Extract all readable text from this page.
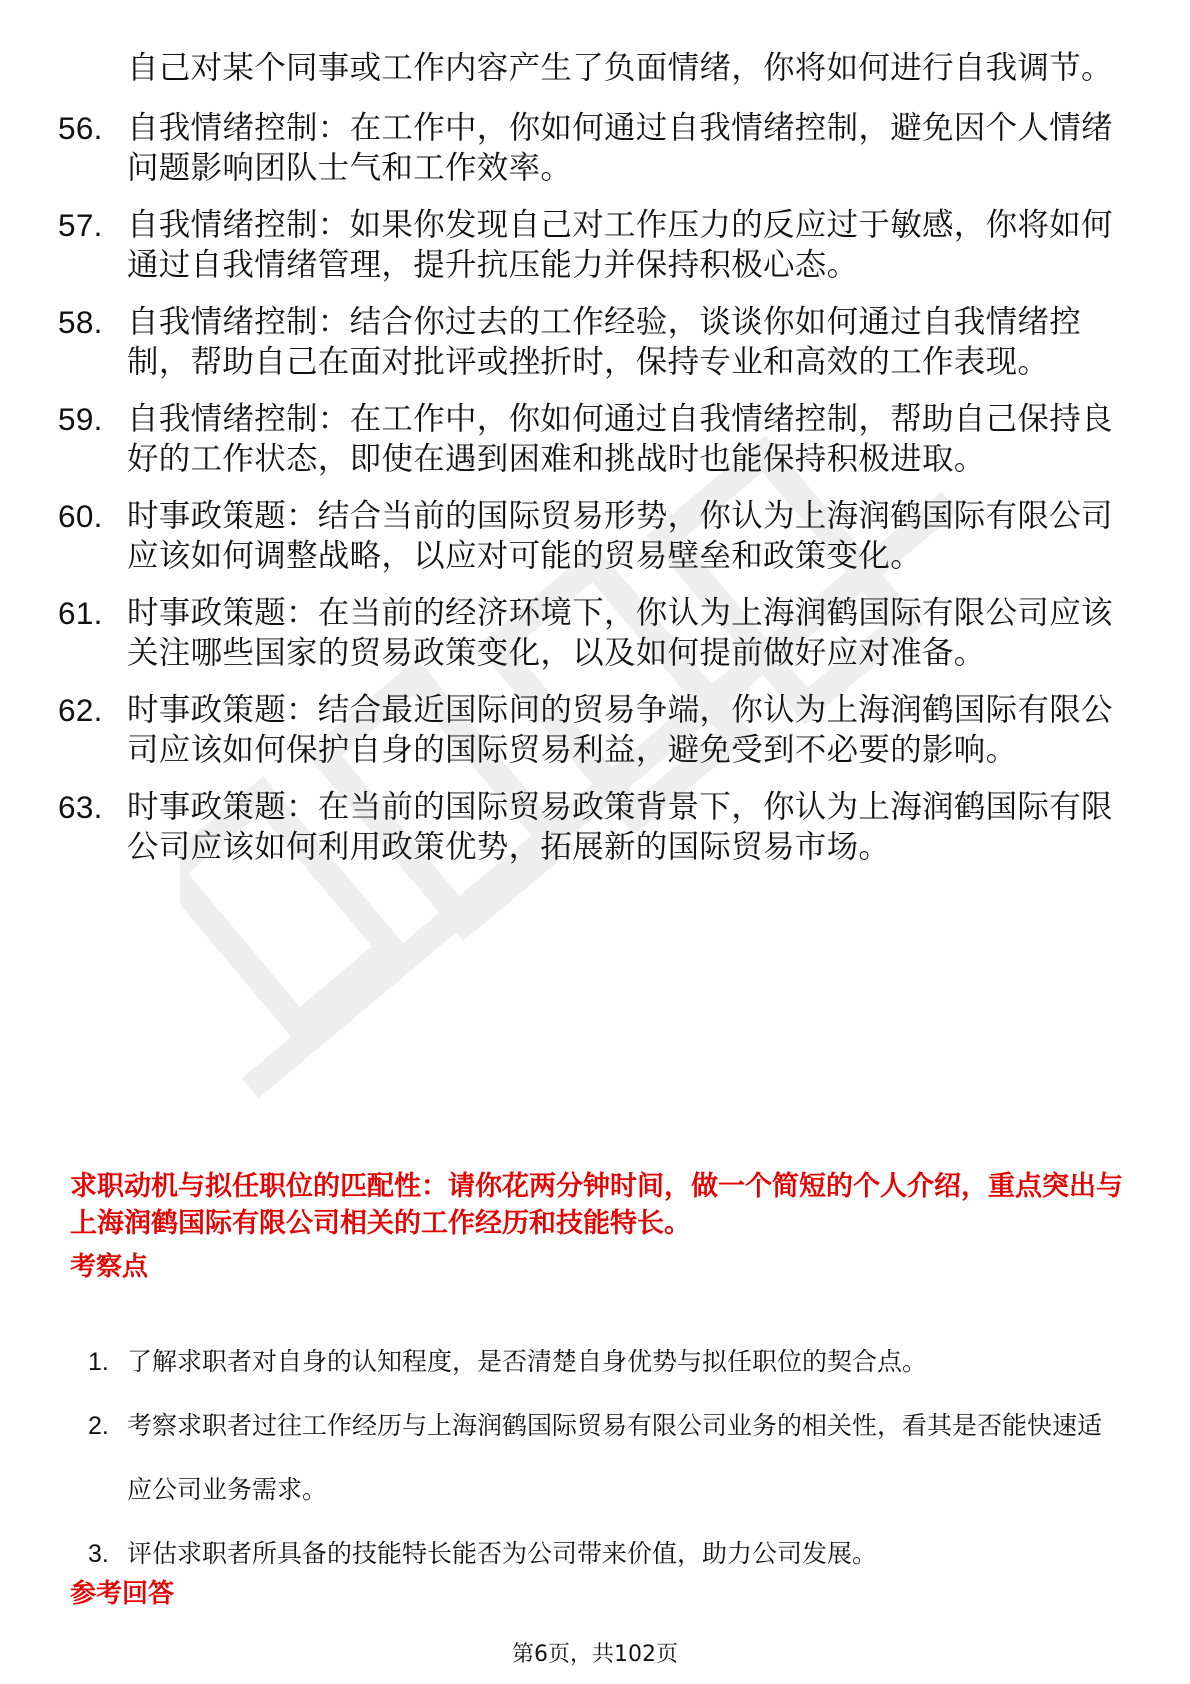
自己对某个同事或工作内容产生了负面情绪，你将如何进行自我调节。
56. 自我情绪控制：在工作中，你如何通过自我情绪控制，避免因个人情绪问题影响团队士气和工作效率。
57. 自我情绪控制：如果你发现自己对工作压力的反应过于敏感，你将如何通过自我情绪管理，提升抗压能力并保持积极心态。
58. 自我情绪控制：结合你过去的工作经验，谈谈你如何通过自我情绪控制，帮助自己在面对批评或挫折时，保持专业和高效的工作表现。
59. 自我情绪控制：在工作中，你如何通过自我情绪控制，帮助自己保持良好的工作状态，即使在遇到困难和挑战时也能保持积极进取。
60. 时事政策题：结合当前的国际贸易形势，你认为上海润鹤国际有限公司应该如何调整战略，以应对可能的贸易壁垒和政策变化。
61. 时事政策题：在当前的经济环境下，你认为上海润鹤国际有限公司应该关注哪些国家的贸易政策变化，以及如何提前做好应对准备。
62. 时事政策题：结合最近国际间的贸易争端，你认为上海润鹤国际有限公司应该如何保护自身的国际贸易利益，避免受到不必要的影响。
63. 时事政策题：在当前的国际贸易政策背景下，你认为上海润鹤国际有限公司应该如何利用政策优势，拓展新的国际贸易市场。
求职动机与拟任职位的匹配性：请你花两分钟时间，做一个简短的个人介绍，重点突出与上海润鹤国际有限公司相关的工作经历和技能特长。
考察点
1. 了解求职者对自身的认知程度，是否清楚自身优势与拟任职位的契合点。
2. 考察求职者过往工作经历与上海润鹤国际贸易有限公司业务的相关性，看其是否能快速适应公司业务需求。
3. 评估求职者所具备的技能特长能否为公司带来价值，助力公司发展。
参考回答
第6页，共102页
